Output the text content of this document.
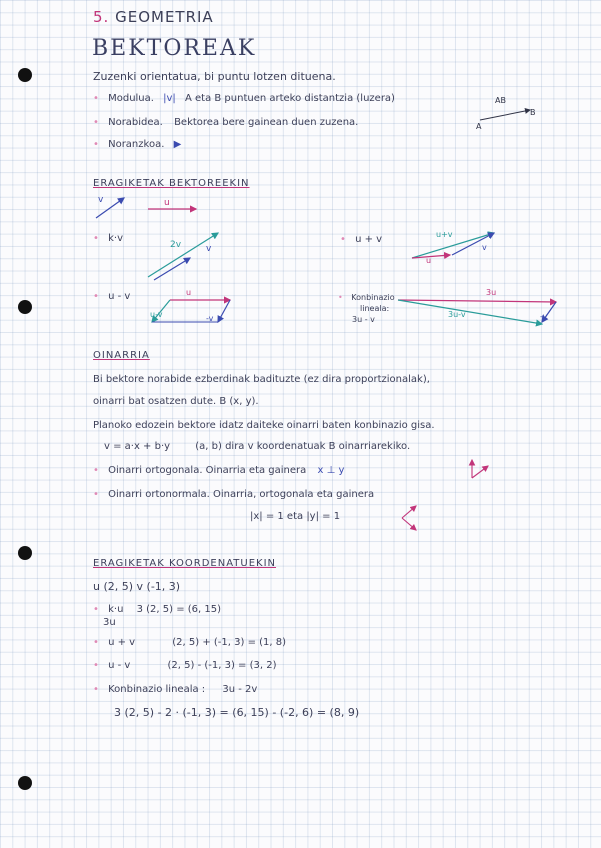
5. GEOMETRIA
BEKTOREAK
Zuzenki orientatua, bi puntu lotzen dituena.
• Modulua. |v| A eta B puntuen arteko distantzia (luzera)
• Norabidea. Bektorea bere gainean duen zuzena.
• Noranzkoa. ▶
AB
A
B
ERAGIKETAK BEKTOREEKIN
v	u
• k·v
2v	v
• u + v	u+v
u
v
• u - v	u
u-v	-v
• Konbinazio
lineala:
3u - v
3u
3u-v	-v
OINARRIA
Bi bektore norabide ezberdinak badituzte (ez dira proportzionalak),
oinarri bat osatzen dute. B (x, y).
Planoko edozein bektore idatz daiteke oinarri baten konbinazio gisa.
v = a·x + b·y	(a, b) dira v koordenatuak B oinarriarekiko.
• Oinarri ortogonala. Oinarria eta gainera x ⊥ y
• Oinarri ortonormala. Oinarria, ortogonala eta gainera
|x| = 1 eta |y| = 1
ERAGIKETAK KOORDENATUEKIN
u (2, 5) v (-1, 3)
• k·u 3 (2, 5) = (6, 15)
3u
• u + v	(2, 5) + (-1, 3) = (1, 8)
• u - v	(2, 5) - (-1, 3) = (3, 2)
• Konbinazio lineala : 3u - 2v
3 (2, 5) - 2 · (-1, 3) = (6, 15) - (-2, 6) = (8, 9)
